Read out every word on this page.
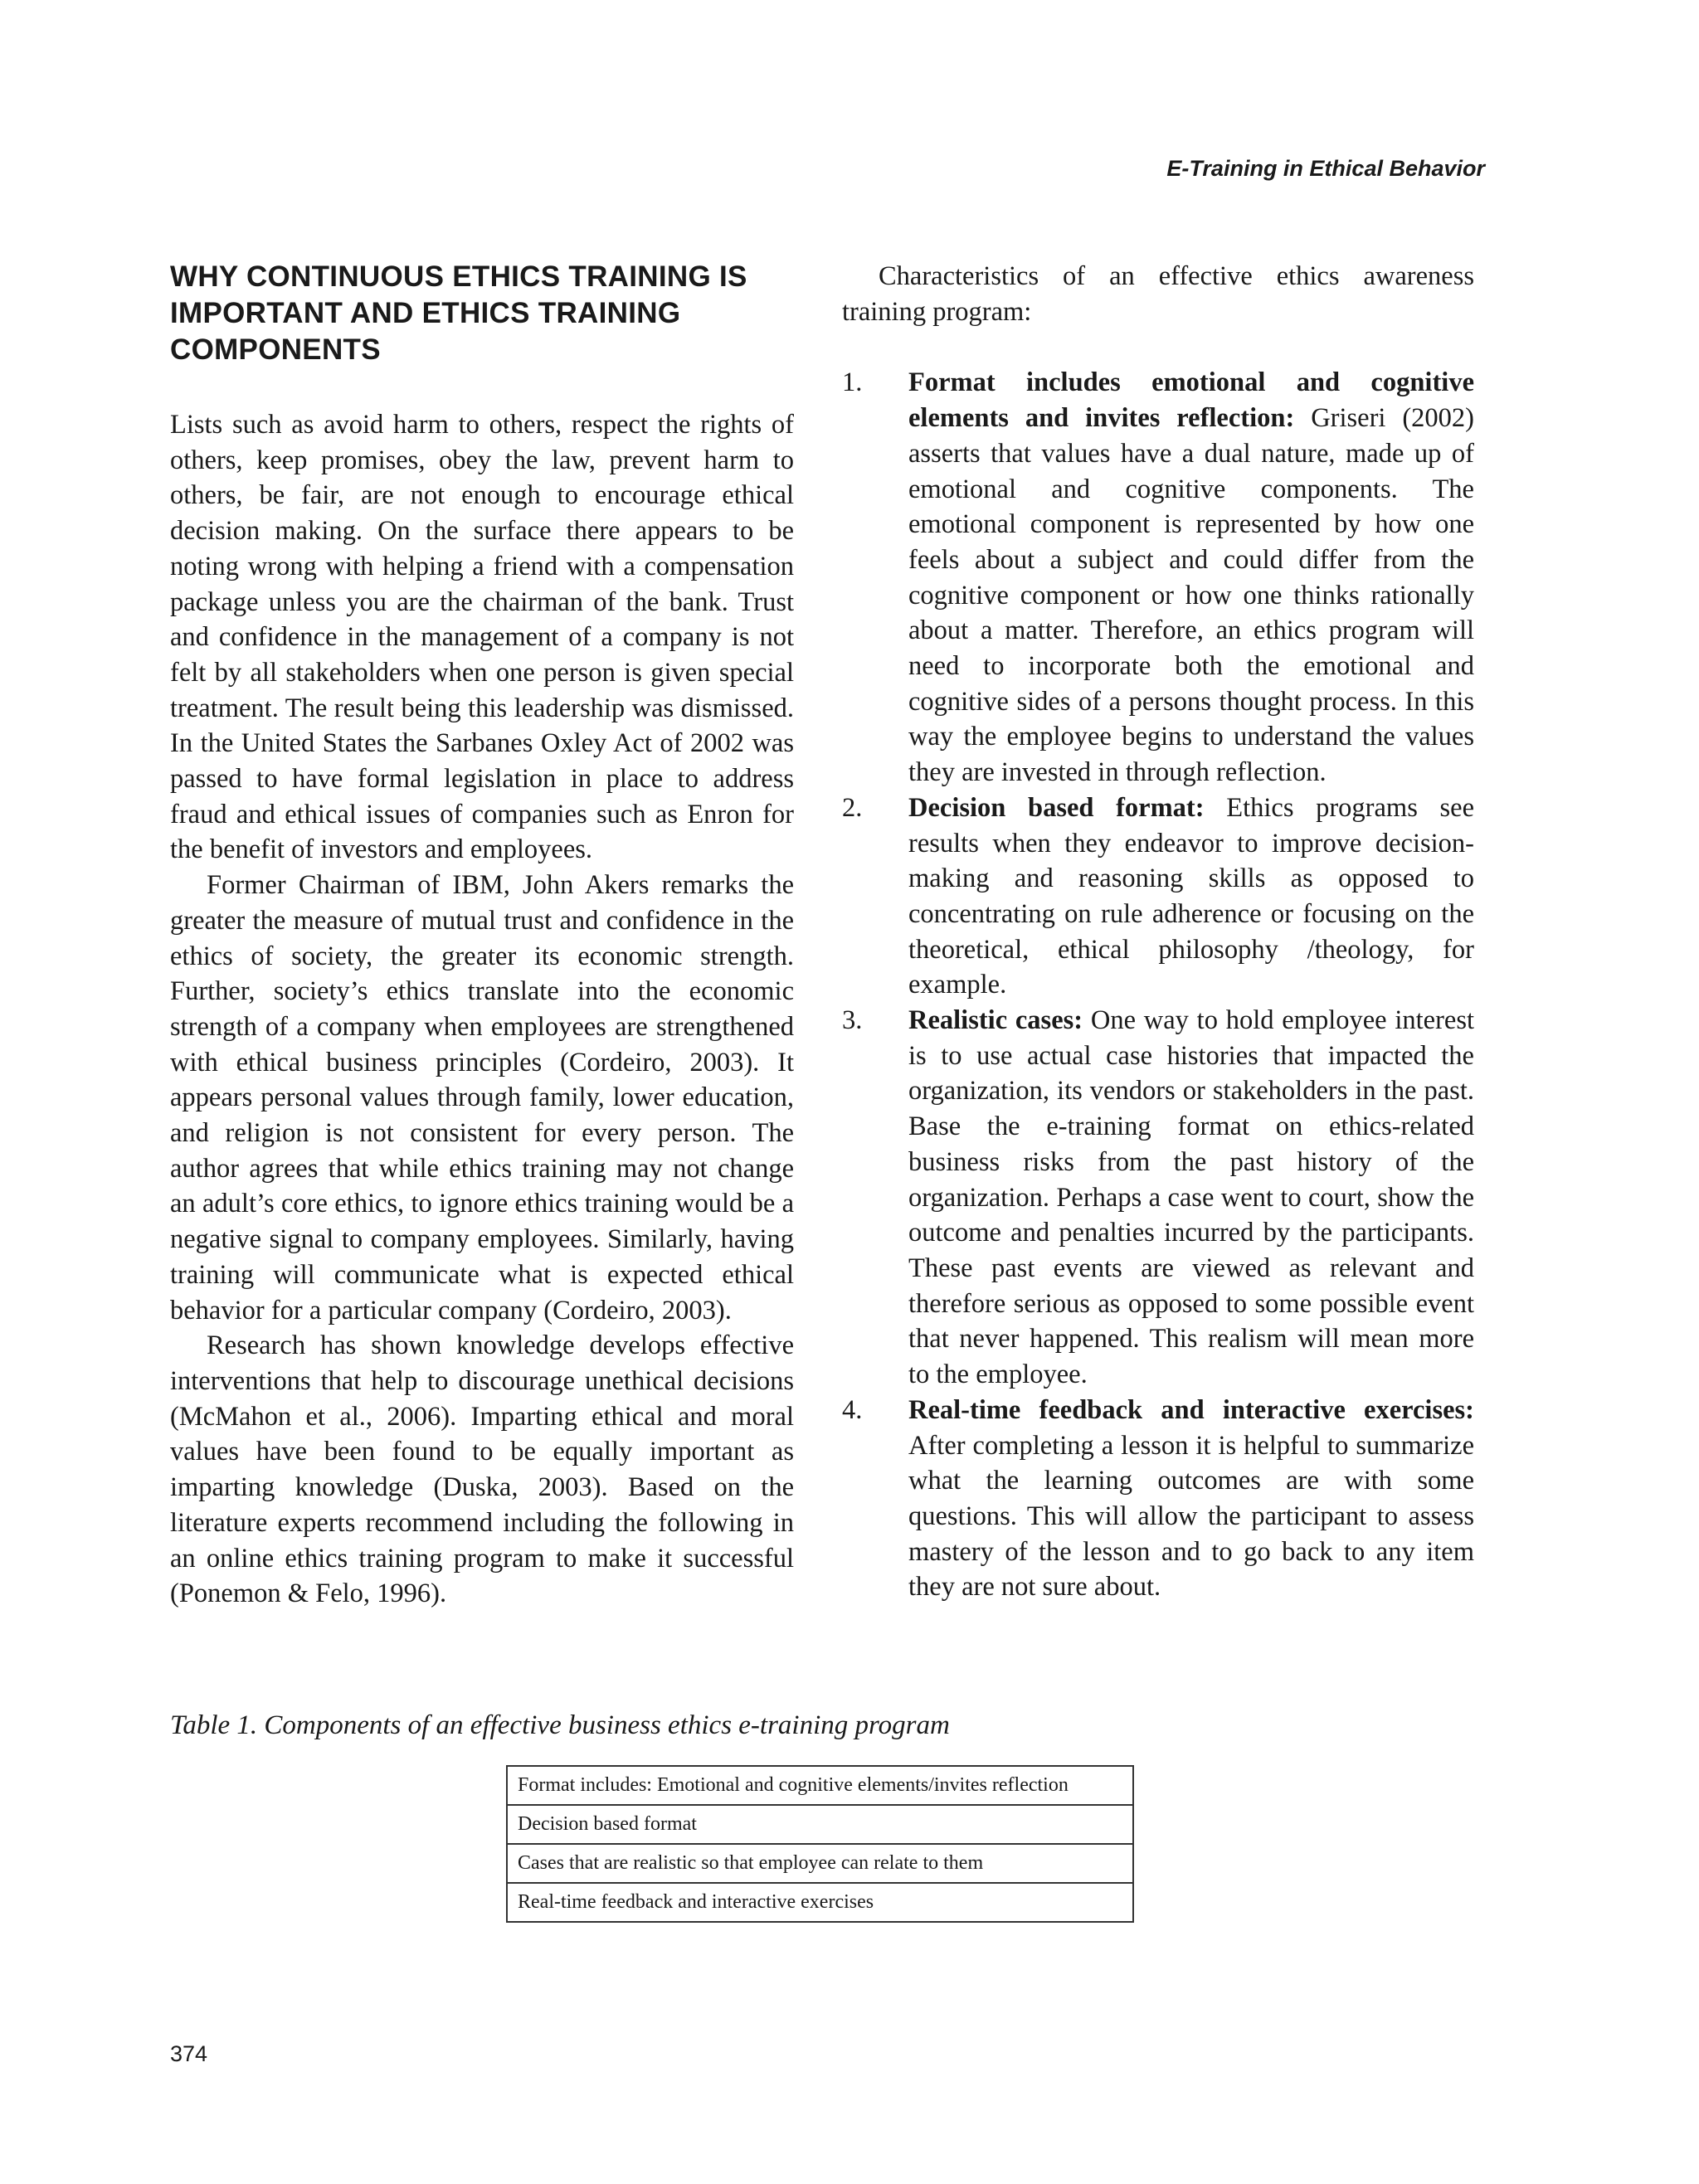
E-Training in Ethical Behavior
WHY CONTINUOUS ETHICS TRAINING IS IMPORTANT AND ETHICS TRAINING COMPONENTS

Lists such as avoid harm to others, respect the rights of others, keep promises, obey the law, prevent harm to others, be fair, are not enough to encourage ethical decision making. On the surface there appears to be noting wrong with helping a friend with a compensation package unless you are the chairman of the bank. Trust and confidence in the management of a company is not felt by all stakeholders when one person is given special treatment. The result being this leadership was dismissed. In the United States the Sarbanes Oxley Act of 2002 was passed to have formal legislation in place to address fraud and ethical issues of companies such as Enron for the benefit of investors and employees.

Former Chairman of IBM, John Akers remarks the greater the measure of mutual trust and confidence in the ethics of society, the greater its economic strength. Further, society’s ethics translate into the economic strength of a company when employees are strengthened with ethical business principles (Cordeiro, 2003). It appears personal values through family, lower education, and religion is not consistent for every person. The author agrees that while ethics training may not change an adult’s core ethics, to ignore ethics training would be a negative signal to company employees. Similarly, having training will communicate what is expected ethical behavior for a particular company (Cordeiro, 2003).

Research has shown knowledge develops effective interventions that help to discourage unethical decisions (McMahon et al., 2006). Imparting ethical and moral values have been found to be equally important as imparting knowledge (Duska, 2003). Based on the literature experts recommend including the following in an online ethics training program to make it successful (Ponemon & Felo, 1996).

Characteristics of an effective ethics awareness training program:

1. Format includes emotional and cognitive elements and invites reflection: Griseri (2002) asserts that values have a dual nature, made up of emotional and cognitive components. The emotional component is represented by how one feels about a subject and could differ from the cognitive component or how one thinks rationally about a matter. Therefore, an ethics program will need to incorporate both the emotional and cognitive sides of a persons thought process. In this way the employee begins to understand the values they are invested in through reflection.
2. Decision based format: Ethics programs see results when they endeavor to improve decision-making and reasoning skills as opposed to concentrating on rule adherence or focusing on the theoretical, ethical philosophy /theology, for example.
3. Realistic cases: One way to hold employee interest is to use actual case histories that impacted the organization, its vendors or stakeholders in the past. Base the e-training format on ethics-related business risks from the past history of the organization. Perhaps a case went to court, show the outcome and penalties incurred by the participants. These past events are viewed as relevant and therefore serious as opposed to some possible event that never happened. This realism will mean more to the employee.
4. Real-time feedback and interactive exercises: After completing a lesson it is helpful to summarize what the learning outcomes are with some questions. This will allow the participant to assess mastery of the lesson and to go back to any item they are not sure about.

Table 1. Components of an effective business ethics e-training program

Format includes: Emotional and cognitive elements/invites reflection
Decision based format
Cases that are realistic so that employee can relate to them
Real-time feedback and interactive exercises
374
